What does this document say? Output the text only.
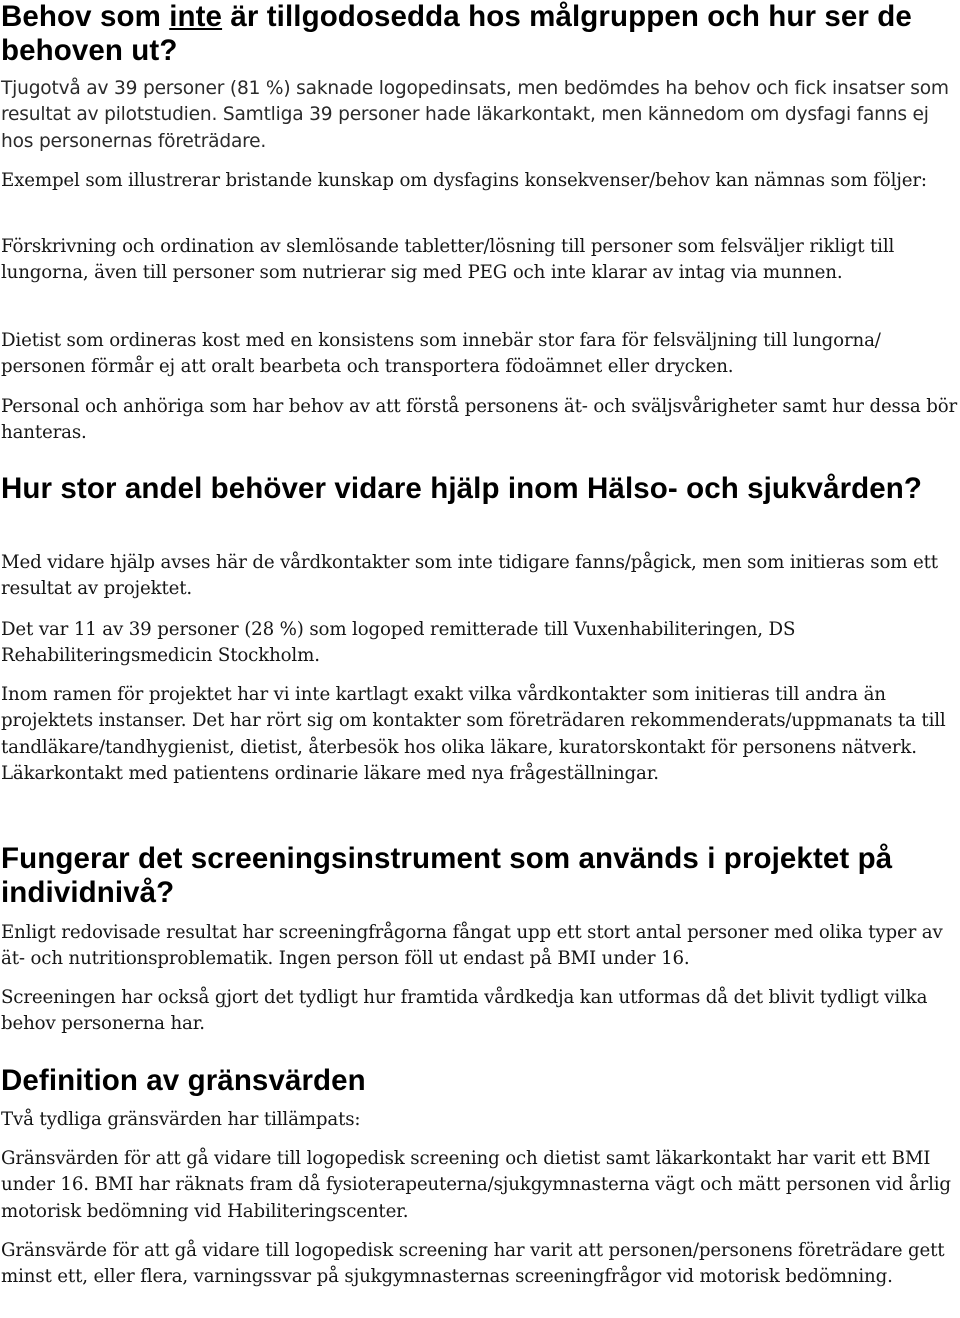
Behov som inte är tillgodosedda hos målgruppen och hur ser de behoven ut?

Tjugotvå av 39 personer (81 %) saknade logopedinsats, men bedömdes ha behov och fick insatser som resultat av pilotstudien. Samtliga 39 personer hade läkarkontakt, men kännedom om dysfagi fanns ej hos personernas företrädare.

Exempel som illustrerar bristande kunskap om dysfagins konsekvenser/behov kan nämnas som följer:

Förskrivning och ordination av slemlösande tabletter/lösning till personer som felsväljer rikligt till lungorna, även till personer som nutrierar sig med PEG och inte klarar av intag via munnen.

Dietist som ordineras kost med en konsistens som innebär stor fara för felsväljning till lungorna/ personen förmår ej att oralt bearbeta och transportera födoämnet eller drycken.

Personal och anhöriga som har behov av att förstå personens ät- och sväljsvårigheter samt hur dessa bör hanteras.

Hur stor andel behöver vidare hjälp inom Hälso- och sjukvården?

Med vidare hjälp avses här de vårdkontakter som inte tidigare fanns/pågick, men som initieras som ett resultat av projektet.

Det var 11 av 39 personer (28 %) som logoped remitterade till Vuxenhabiliteringen, DS Rehabiliteringsmedicin Stockholm.

Inom ramen för projektet har vi inte kartlagt exakt vilka vårdkontakter som initieras till andra än projektets instanser. Det har rört sig om kontakter som företrädaren rekommenderats/uppmanats ta till tandläkare/tandhygienist, dietist, återbesök hos olika läkare, kuratorskontakt för personens nätverk. Läkarkontakt med patientens ordinarie läkare med nya frågeställningar.

Fungerar det screeningsinstrument som används i projektet på individnivå?

Enligt redovisade resultat har screeningfrågorna fångat upp ett stort antal personer med olika typer av ät- och nutritionsproblematik. Ingen person föll ut endast på BMI under 16.

Screeningen har också gjort det tydligt hur framtida vårdkedja kan utformas då det blivit tydligt vilka behov personerna har.

Definition av gränsvärden

Två tydliga gränsvärden har tillämpats:

Gränsvärden för att gå vidare till logopedisk screening och dietist samt läkarkontakt har varit ett BMI under 16. BMI har räknats fram då fysioterapeuterna/sjukgymnasterna vägt och mätt personen vid årlig motorisk bedömning vid Habiliteringscenter.

Gränsvärde för att gå vidare till logopedisk screening har varit att personen/personens företrädare gett minst ett, eller flera, varningssvar på sjukgymnasternas screeningfrågor vid motorisk bedömning.
